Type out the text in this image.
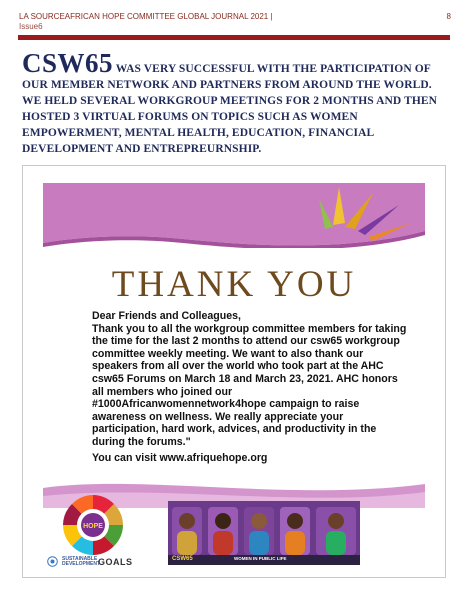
LA SOURCEAFRICAN HOPE COMMITTEE GLOBAL JOURNAL 2021 |
Issue6
8
CSW65 WAS VERY SUCCESSFUL WITH THE PARTICIPATION OF OUR MEMBER NETWORK AND PARTNERS FROM AROUND THE WORLD. WE HELD SEVERAL WORKGROUP MEETINGS FOR 2 MONTHS AND THEN HOSTED 3 VIRTUAL FORUMS ON TOPICS SUCH AS WOMEN EMPOWERMENT, MENTAL HEALTH, EDUCATION, FINANCIAL DEVELOPMENT AND ENTREPREURNSHIP.
THANK YOU

Dear Friends and Colleagues,

Thank you to all the workgroup committee members for taking the time for the last 2 months to attend our csw65 workgroup committee weekly meeting. We want to also thank our speakers from all over the world who took part at the AHC csw65 Forums on March 18 and March 23, 2021. AHC honors all members who joined our #1000Africanwomennetwork4hope campaign to raise awareness on wellness. We really appreciate your participation, hard work, advices, and productivity in the during the forums."

You can visit www.afriquehope.org

HOPE
SUSTAINABLE DEVELOPMENT
GOALS	CSW65	WOMEN IN PUBLIC LIFE
